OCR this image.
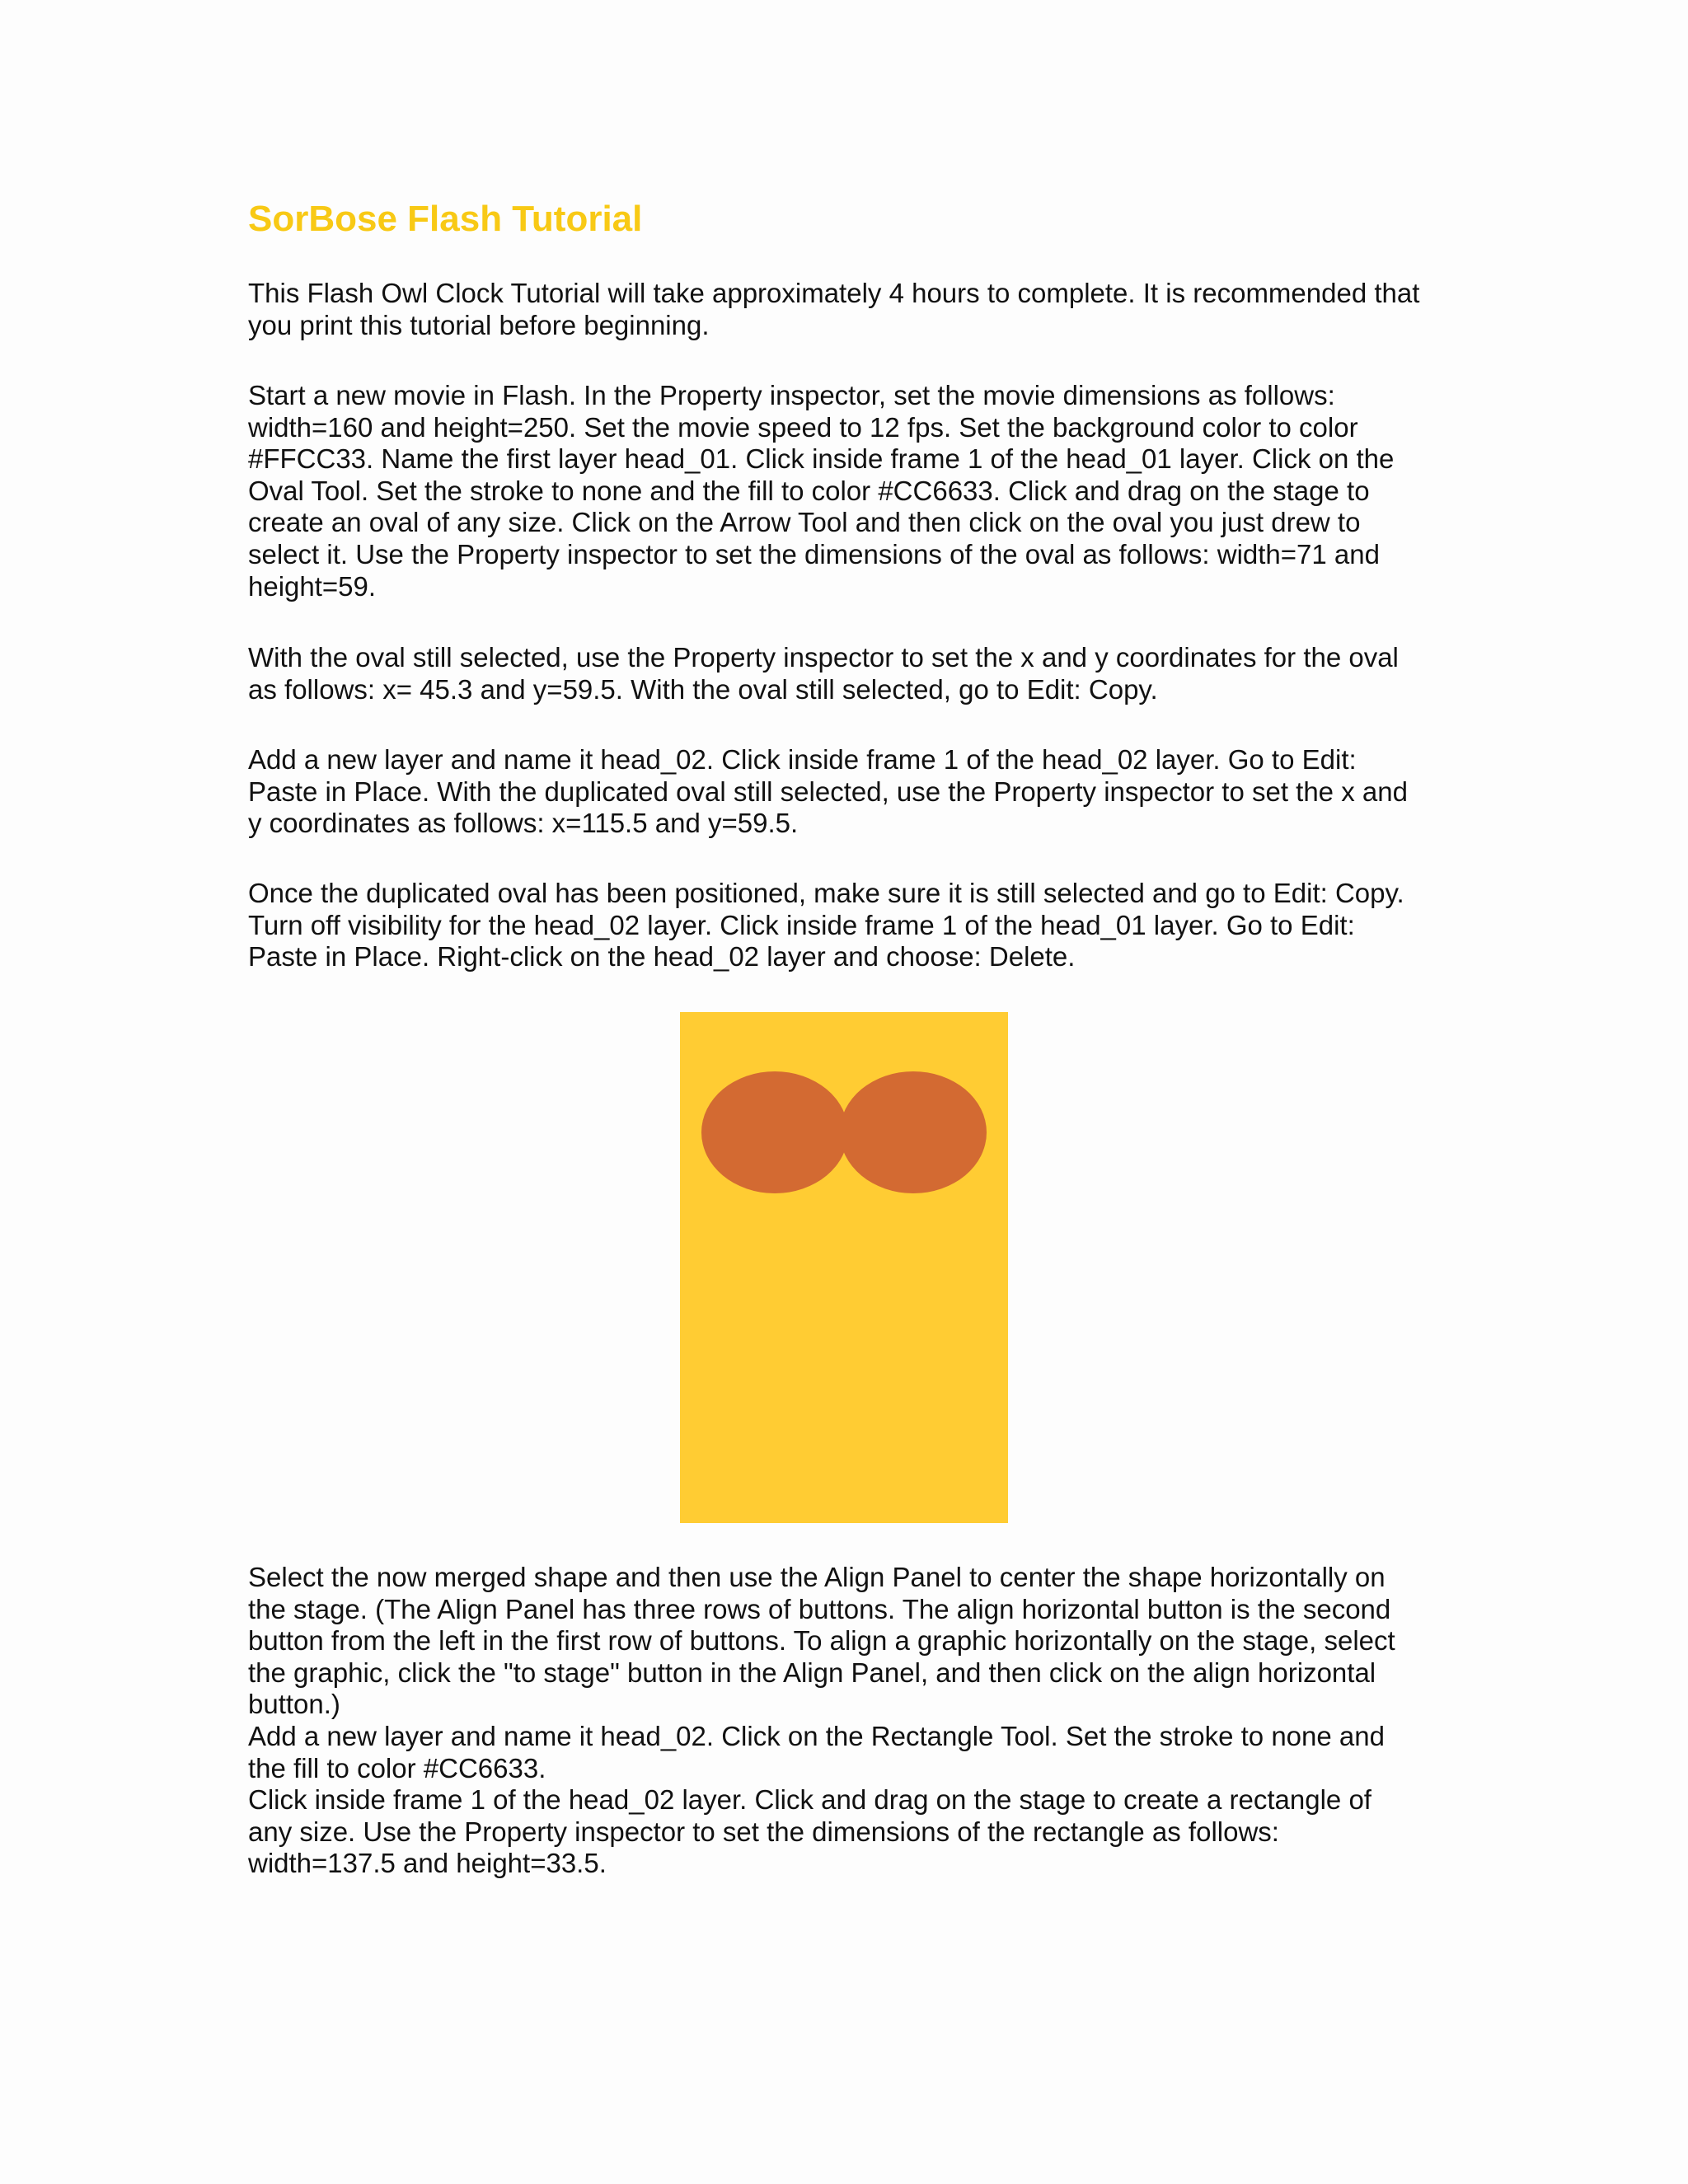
SorBose Flash Tutorial
This Flash Owl Clock Tutorial will take approximately 4 hours to complete. It is recommended that
you print this tutorial before beginning.
Start a new movie in Flash. In the Property inspector, set the movie dimensions as follows:
width=160 and height=250. Set the movie speed to 12 fps. Set the background color to color
#FFCC33. Name the first layer head_01. Click inside frame 1 of the head_01 layer. Click on the
Oval Tool. Set the stroke to none and the fill to color #CC6633. Click and drag on the stage to
create an oval of any size. Click on the Arrow Tool and then click on the oval you just drew to
select it. Use the Property inspector to set the dimensions of the oval as follows: width=71 and
height=59.
With the oval still selected, use the Property inspector to set the x and y coordinates for the oval
as follows: x= 45.3 and y=59.5. With the oval still selected, go to Edit: Copy.
Add a new layer and name it head_02. Click inside frame 1 of the head_02 layer. Go to Edit:
Paste in Place. With the duplicated oval still selected, use the Property inspector to set the x and
y coordinates as follows: x=115.5 and y=59.5.
Once the duplicated oval has been positioned, make sure it is still selected and go to Edit: Copy.
Turn off visibility for the head_02 layer. Click inside frame 1 of the head_01 layer. Go to Edit:
Paste in Place. Right-click on the head_02 layer and choose: Delete.
Select the now merged shape and then use the Align Panel to center the shape horizontally on
the stage. (The Align Panel has three rows of buttons. The align horizontal button is the second
button from the left in the first row of buttons. To align a graphic horizontally on the stage, select
the graphic, click the "to stage" button in the Align Panel, and then click on the align horizontal
button.)
Add a new layer and name it head_02. Click on the Rectangle Tool. Set the stroke to none and
the fill to color #CC6633.
Click inside frame 1 of the head_02 layer. Click and drag on the stage to create a rectangle of
any size. Use the Property inspector to set the dimensions of the rectangle as follows:
width=137.5 and height=33.5.
